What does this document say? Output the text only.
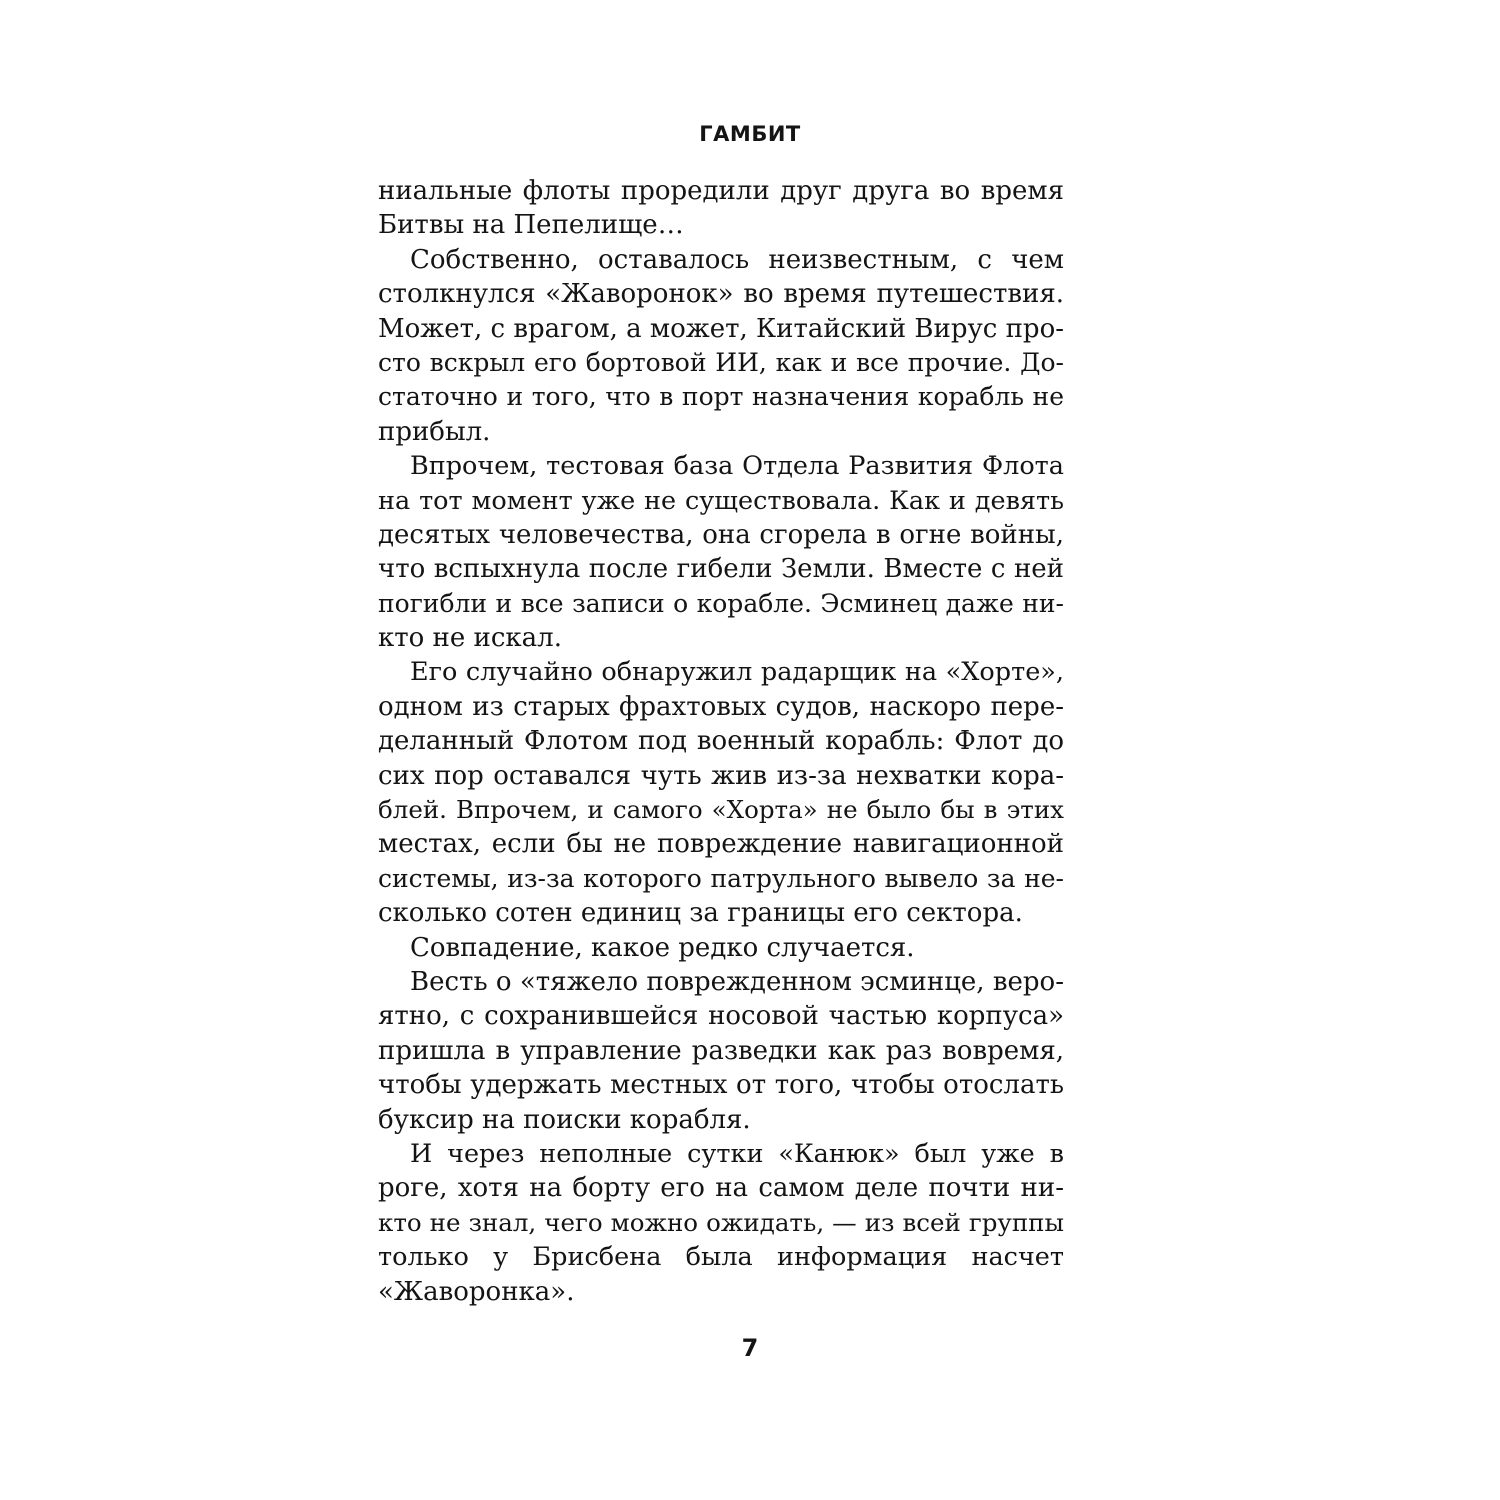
ГАМБИТ
ниальные флоты проредили друг друга во время
Битвы на Пепелище…
Собственно, оставалось неизвестным, с чем
столкнулся «Жаворонок» во время путешествия.
Может, с врагом, а может, Китайский Вирус про-
сто вскрыл его бортовой ИИ, как и все прочие. До-
статочно и того, что в порт назначения корабль не
прибыл.
Впрочем, тестовая база Отдела Развития Флота
на тот момент уже не существовала. Как и девять
десятых человечества, она сгорела в огне войны,
что вспыхнула после гибели Земли. Вместе с ней
погибли и все записи о корабле. Эсминец даже ни-
кто не искал.
Его случайно обнаружил радарщик на «Хорте»,
одном из старых фрахтовых судов, наскоро пере-
деланный Флотом под военный корабль: Флот до
сих пор оставался чуть жив из-за нехватки кора-
блей. Впрочем, и самого «Хорта» не было бы в этих
местах, если бы не повреждение навигационной
системы, из-за которого патрульного вывело за не-
сколько сотен единиц за границы его сектора.
Совпадение, какое редко случается.
Весть о «тяжело поврежденном эсминце, веро-
ятно, с сохранившейся носовой частью корпуса»
пришла в управление разведки как раз вовремя,
чтобы удержать местных от того, чтобы отослать
буксир на поиски корабля.
И через неполные сутки «Канюк» был уже в
роге, хотя на борту его на самом деле почти ни-
кто не знал, чего можно ожидать, — из всей группы
только у Брисбена была информация насчет
«Жаворонка».
7
